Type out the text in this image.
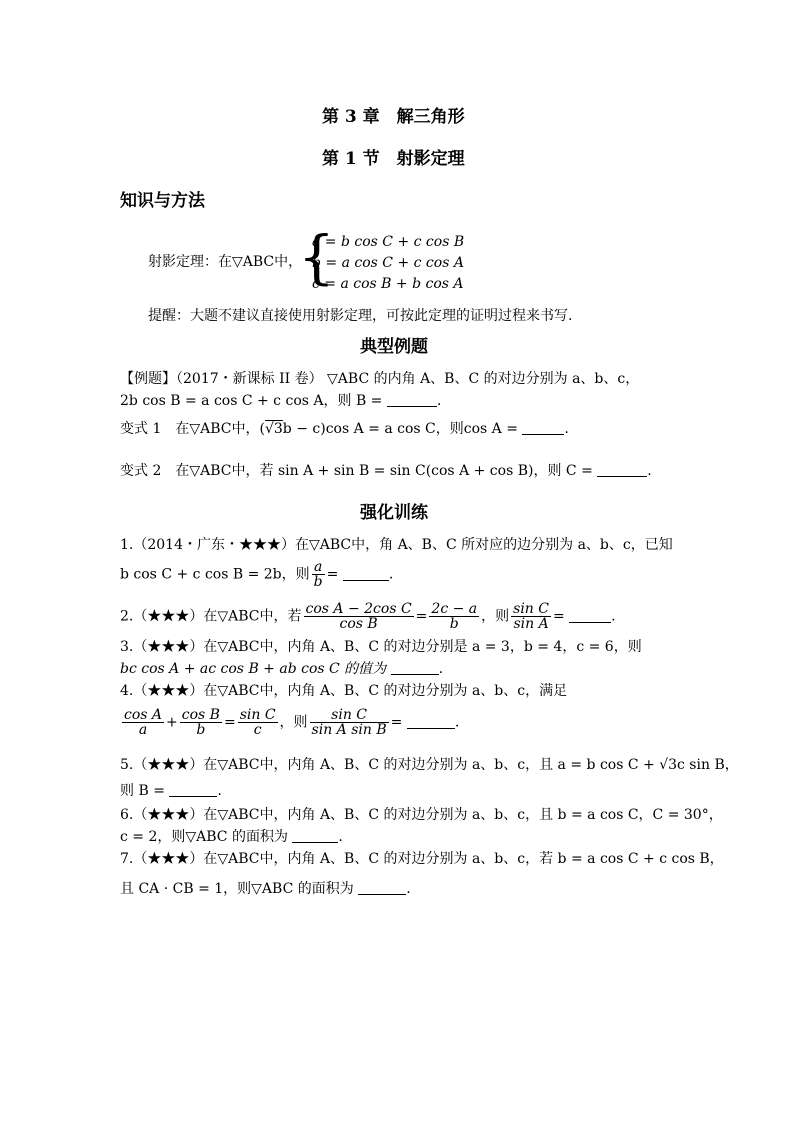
第 3 章　解三角形
第 1 节　射影定理
知识与方法
射影定理：在▽ABC中，
{
a = b cos C + c cos B
b = a cos C + c cos A
c = a cos B + b cos A
提醒：大题不建议直接使用射影定理，可按此定理的证明过程来书写.
典型例题
【例题】（2017・新课标 II 卷） ▽ABC 的内角 A、B、C 的对边分别为 a、b、c，
2b cos B = a cos C + c cos A，则 B =	.
变式 1　在▽ABC中，(√3b − c)cos A = a cos C，则cos A =	.
变式 2　在▽ABC中，若 sin A + sin B = sin C(cos A + cos B)，则 C =	.
强化训练
1.（2014・广东・★★★）在▽ABC中，角 A、B、C 所对应的边分别为 a、b、c，已知
b cos C + c cos B = 2b，则 $\frac{a}{b}$ =	.
2.（★★★）在▽ABC中，若 $\frac{\text{cos A − 2cos C}}{\text{cos B}} = \frac{2c - a}{b}$ ，则 $\frac{\text{sin C}}{\text{sin A}}$ =	.
3.（★★★）在▽ABC中，内角 A、B、C 的对边分别是 a = 3，b = 4，c = 6，则
bc cos A + ac cos B + ab cos C 的值为	.
4.（★★★）在▽ABC中，内角 A、B、C 的对边分别为 a、b、c，满足
$\frac{\text{cos A}}{a} + \frac{\text{cos B}}{b} = \frac{\text{sin C}}{c}$ ，则 $\frac{\text{sin C}}{\text{sin A sin B}}$ =	.
5.（★★★）在▽ABC中，内角 A、B、C 的对边分别为 a、b、c，且 a = b cos C + √3c sin B，
则 B =	.
6.（★★★）在▽ABC中，内角 A、B、C 的对边分别为 a、b、c，且 b = a cos C，C = 30°，
c = 2，则▽ABC 的面积为	.
7.（★★★）在▽ABC中，内角 A、B、C 的对边分别为 a、b、c，若 b = a cos C + c cos B，
且 CA · CB = 1，则▽ABC 的面积为	.
